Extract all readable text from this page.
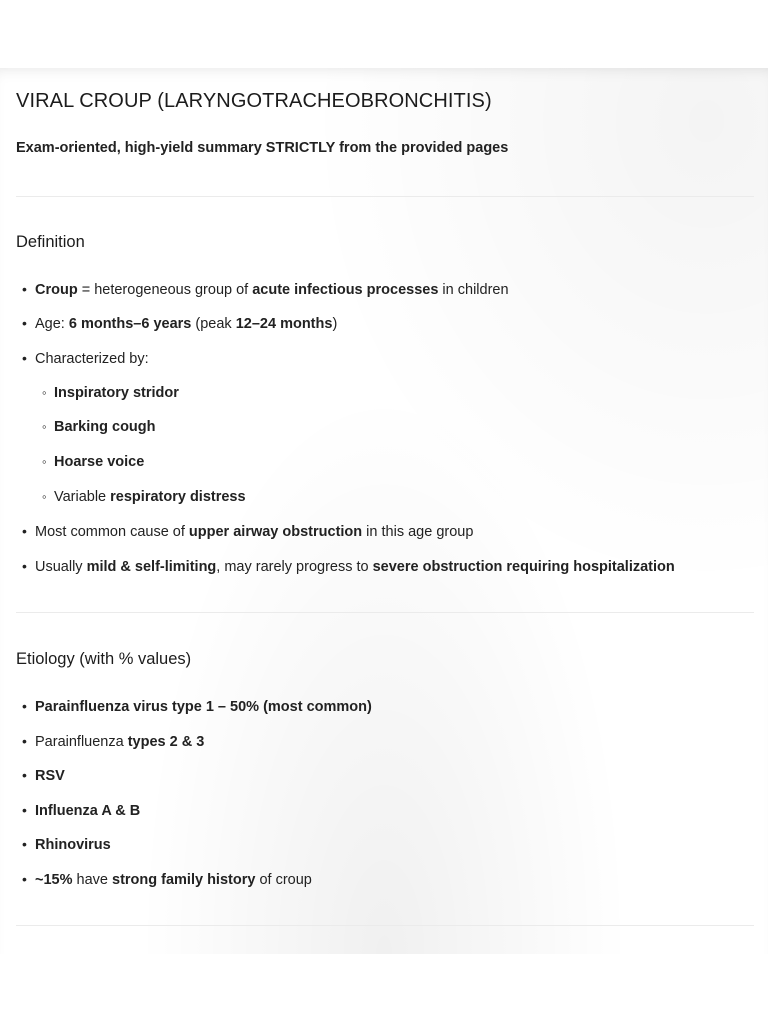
VIRAL CROUP (LARYNGOTRACHEOBRONCHITIS)

Exam-oriented, high-yield summary STRICTLY from the provided pages

Definition
• Croup = heterogeneous group of acute infectious processes in children
• Age: 6 months–6 years (peak 12–24 months)
• Characterized by:
◦ Inspiratory stridor
◦ Barking cough
◦ Hoarse voice
◦ Variable respiratory distress
• Most common cause of upper airway obstruction in this age group
• Usually mild & self-limiting, may rarely progress to severe obstruction requiring hospitalization
Etiology (with % values)
• Parainfluenza virus type 1 – 50% (most common)
• Parainfluenza types 2 & 3
• RSV
• Influenza A & B
• Rhinovirus
• ~15% have strong family history of croup
